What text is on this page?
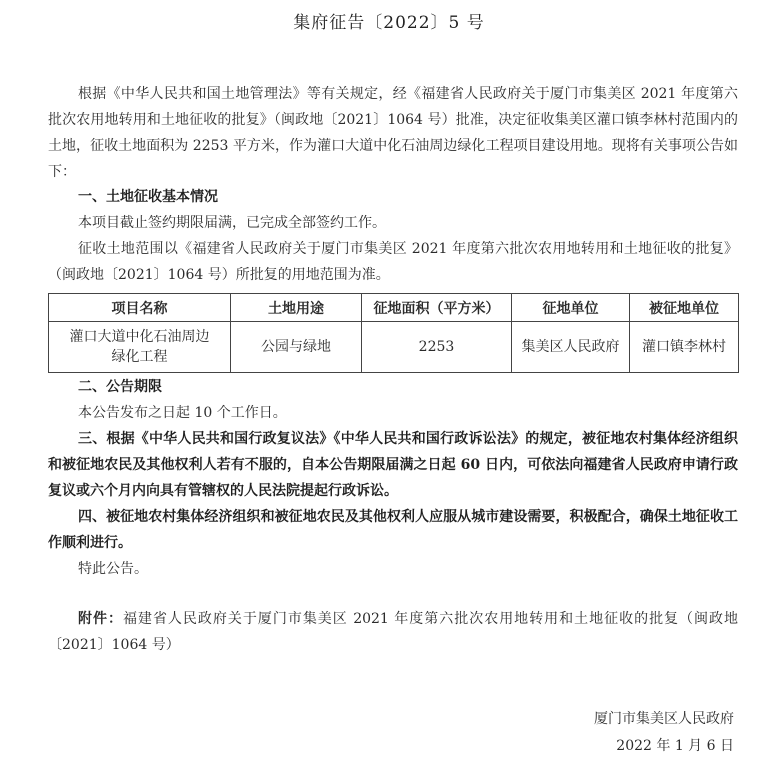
集府征告〔2022〕5 号

根据《中华人民共和国土地管理法》等有关规定，经《福建省人民政府关于厦门市集美区 2021 年度第六批次农用地转用和土地征收的批复》（闽政地〔2021〕1064 号）批准，决定征收集美区灌口镇李林村范围内的土地，征收土地面积为 2253 平方米，作为灌口大道中化石油周边绿化工程项目建设用地。现将有关事项公告如下：

一、土地征收基本情况

本项目截止签约期限届满，已完成全部签约工作。

征收土地范围以《福建省人民政府关于厦门市集美区 2021 年度第六批次农用地转用和土地征收的批复》（闽政地〔2021〕1064 号）所批复的用地范围为准。

项目名称	土地用途	征地面积（平方米）	征地单位	被征地单位
灌口大道中化石油周边绿化工程	公园与绿地	2253	集美区人民政府	灌口镇李林村

二、公告期限

本公告发布之日起 10 个工作日。

三、根据《中华人民共和国行政复议法》《中华人民共和国行政诉讼法》的规定，被征地农村集体经济组织和被征地农民及其他权利人若有不服的，自本公告期限届满之日起 60 日内，可依法向福建省人民政府申请行政复议或六个月内向具有管辖权的人民法院提起行政诉讼。

四、被征地农村集体经济组织和被征地农民及其他权利人应服从城市建设需要，积极配合，确保土地征收工作顺利进行。

特此公告。

附件：福建省人民政府关于厦门市集美区 2021 年度第六批次农用地转用和土地征收的批复（闽政地〔2021〕1064 号）

厦门市集美区人民政府
2022 年 1 月 6 日
